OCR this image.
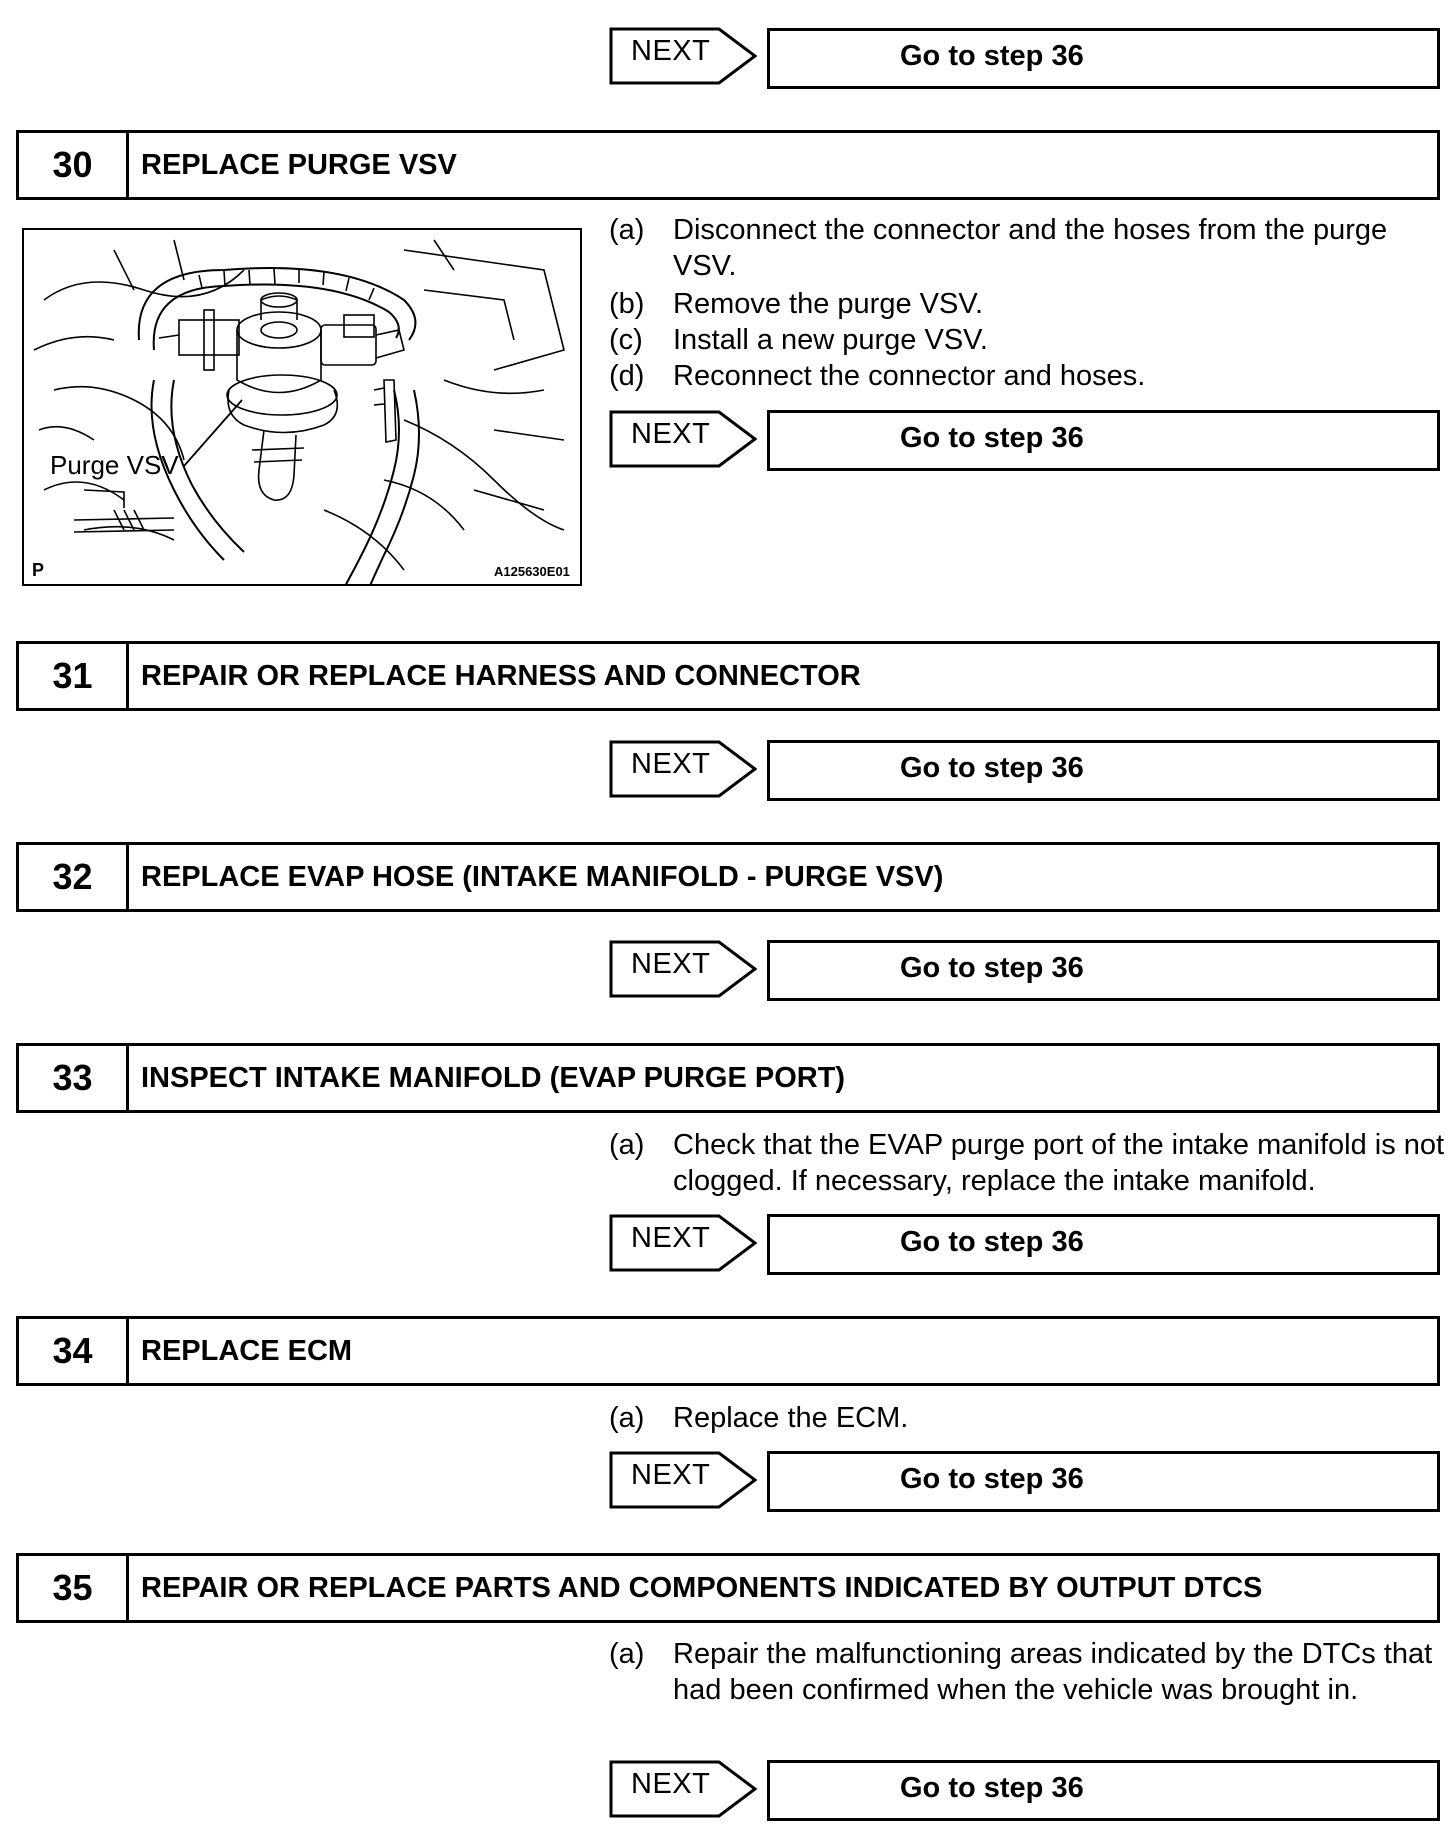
NEXT	Go to step 36
30	REPLACE PURGE VSV
Purge VSV
P	A125630E01
(a) Disconnect the connector and the hoses from the purge VSV.
(b) Remove the purge VSV.
(c) Install a new purge VSV.
(d) Reconnect the connector and hoses.
NEXT	Go to step 36
31	REPAIR OR REPLACE HARNESS AND CONNECTOR
NEXT	Go to step 36
32	REPLACE EVAP HOSE (INTAKE MANIFOLD - PURGE VSV)
NEXT	Go to step 36
33	INSPECT INTAKE MANIFOLD (EVAP PURGE PORT)
(a) Check that the EVAP purge port of the intake manifold is not clogged. If necessary, replace the intake manifold.
NEXT	Go to step 36
34	REPLACE ECM
(a) Replace the ECM.
NEXT	Go to step 36
35	REPAIR OR REPLACE PARTS AND COMPONENTS INDICATED BY OUTPUT DTCS
(a) Repair the malfunctioning areas indicated by the DTCs that had been confirmed when the vehicle was brought in.
NEXT	Go to step 36
